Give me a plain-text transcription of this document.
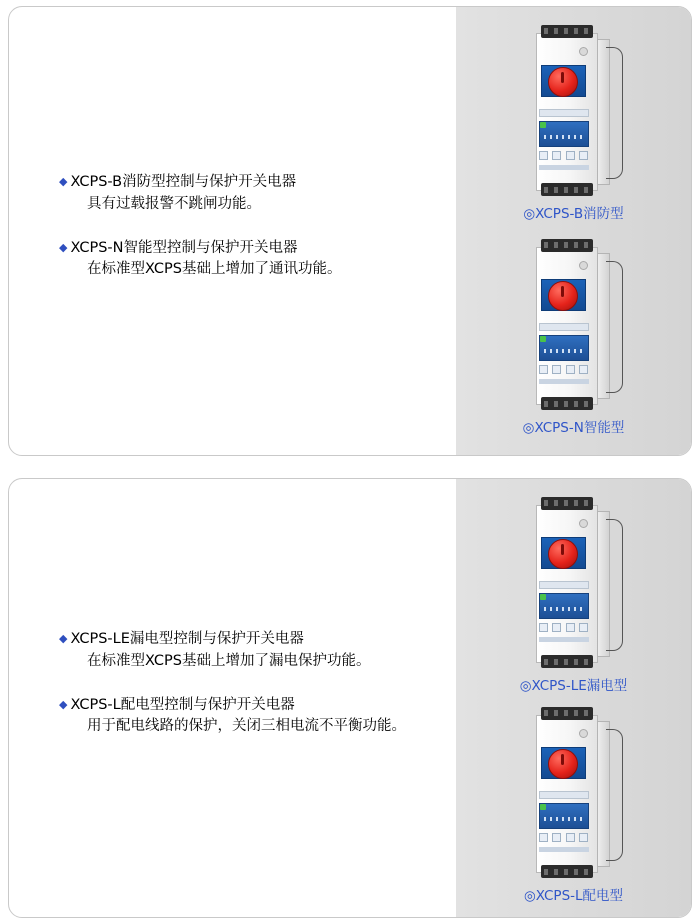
◆ XCPS-B消防型控制与保护开关电器
具有过载报警不跳闸功能。
◆ XCPS-N智能型控制与保护开关电器
在标准型XCPS基础上增加了通讯功能。
◎XCPS-B消防型
◎XCPS-N智能型
◆ XCPS-LE漏电型控制与保护开关电器
在标准型XCPS基础上增加了漏电保护功能。
◆ XCPS-L配电型控制与保护开关电器
用于配电线路的保护，关闭三相电流不平衡功能。
◎XCPS-LE漏电型
◎XCPS-L配电型
